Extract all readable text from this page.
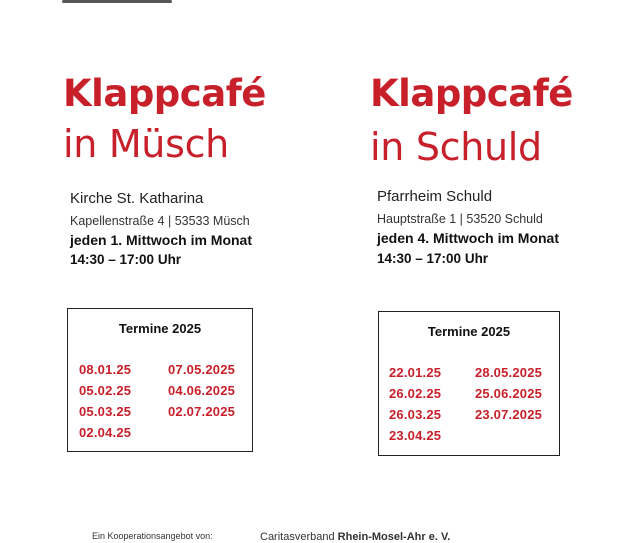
Klappcafé
in Müsch
Kirche St. Katharina
Kapellenstraße 4 | 53533 Müsch
jeden 1. Mittwoch im Monat
14:30 – 17:00 Uhr
Termine 2025
08.01.25
05.02.25
05.03.25
02.04.25
07.05.2025
04.06.2025
02.07.2025
Klappcafé
in Schuld
Pfarrheim Schuld
Hauptstraße 1 | 53520 Schuld
jeden 4. Mittwoch im Monat
14:30 – 17:00 Uhr
Termine 2025
22.01.25
26.02.25
26.03.25
23.04.25
28.05.2025
25.06.2025
23.07.2025
Ein Kooperationsangebot von:	Caritasverband Rhein-Mosel-Ahr e. V.
